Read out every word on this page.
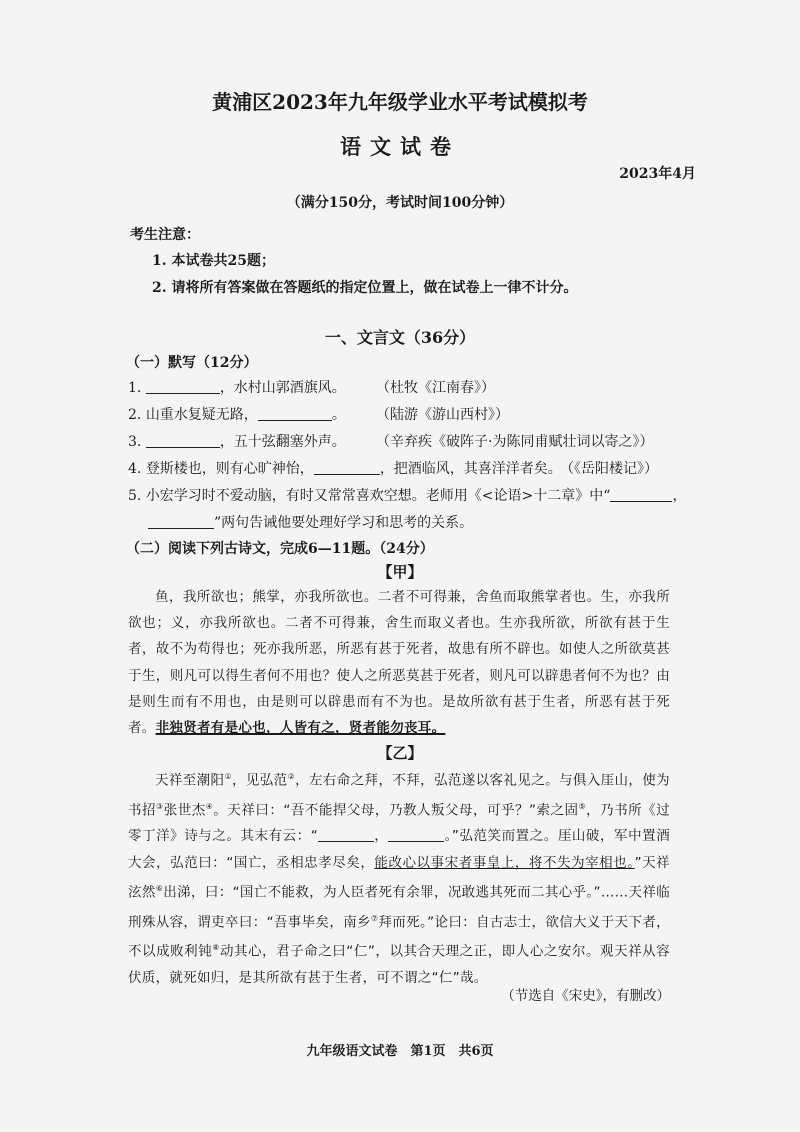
黄浦区2023年九年级学业水平考试模拟考
语文试卷
2023年4月
（满分150分，考试时间100分钟）
考生注意：
1. 本试卷共25题；
2. 请将所有答案做在答题纸的指定位置上，做在试卷上一律不计分。
一、文言文（36分）
（一）默写（12分）
1.	，水村山郭酒旗风。 （杜牧《江南春》）
2. 山重水复疑无路，	。 （陆游《游山西村》）
3.	，五十弦翻塞外声。 （辛弃疾《破阵子·为陈同甫赋壮词以寄之》）
4. 登斯楼也，则有心旷神怡，	，把酒临风，其喜洋洋者矣。
（《岳阳楼记》）
5. 小宏学习时不爱动脑，有时又常常喜欢空想。老师用《<论语>十二章》中“	，
”两句告诫他要处理好学习和思考的关系。
（二）阅读下列古诗文，完成6—11题。（24分）
【甲】

鱼，我所欲也；熊掌，亦我所欲也。二者不可得兼，舍鱼而取熊掌者也。生，亦我所欲也；义，亦我所欲也。二者不可得兼，舍生而取义者也。生亦我所欲，所欲有甚于生者，故不为苟得也；死亦我所恶，所恶有甚于死者，故患有所不辟也。如使人之所欲莫甚于生，则凡可以得生者何不用也？使人之所恶莫甚于死者，则凡可以辟患者何不为也？由是则生而有不用也，由是则可以辟患而有不为也。是故所欲有甚于生者，所恶有甚于死者。非独贤者有是心也，人皆有之，贤者能勿丧耳。

【乙】

天祥至潮阳①，见弘范②，左右命之拜，不拜，弘范遂以客礼见之。与俱入厓山，使为书招③张世杰④。天祥曰：“吾不能捍父母，乃教人叛父母，可乎？”索之固⑤，乃书所《过零丁洋》诗与之。其末有云：“	，	。”弘范笑而置之。厓山破，军中置酒大会，弘范曰：“国亡，丞相忠孝尽矣，能改心以事宋者事皇上，将不失为宰相也。”天祥泫然⑥出涕，曰：“国亡不能救，为人臣者死有余罪，况敢逃其死而二其心乎。”……天祥临刑殊从容，谓吏卒曰：“吾事毕矣，南乡⑦拜而死。”论曰：自古志士，欲信大义于天下者，不以成败利钝⑧动其心，君子命之曰“仁”，以其合天理之正，即人心之安尔。观天祥从容伏质，就死如归，是其所欲有甚于生者，可不谓之“仁”哉。

（节选自《宋史》，有删改）
九年级语文试卷　第1页　共6页
